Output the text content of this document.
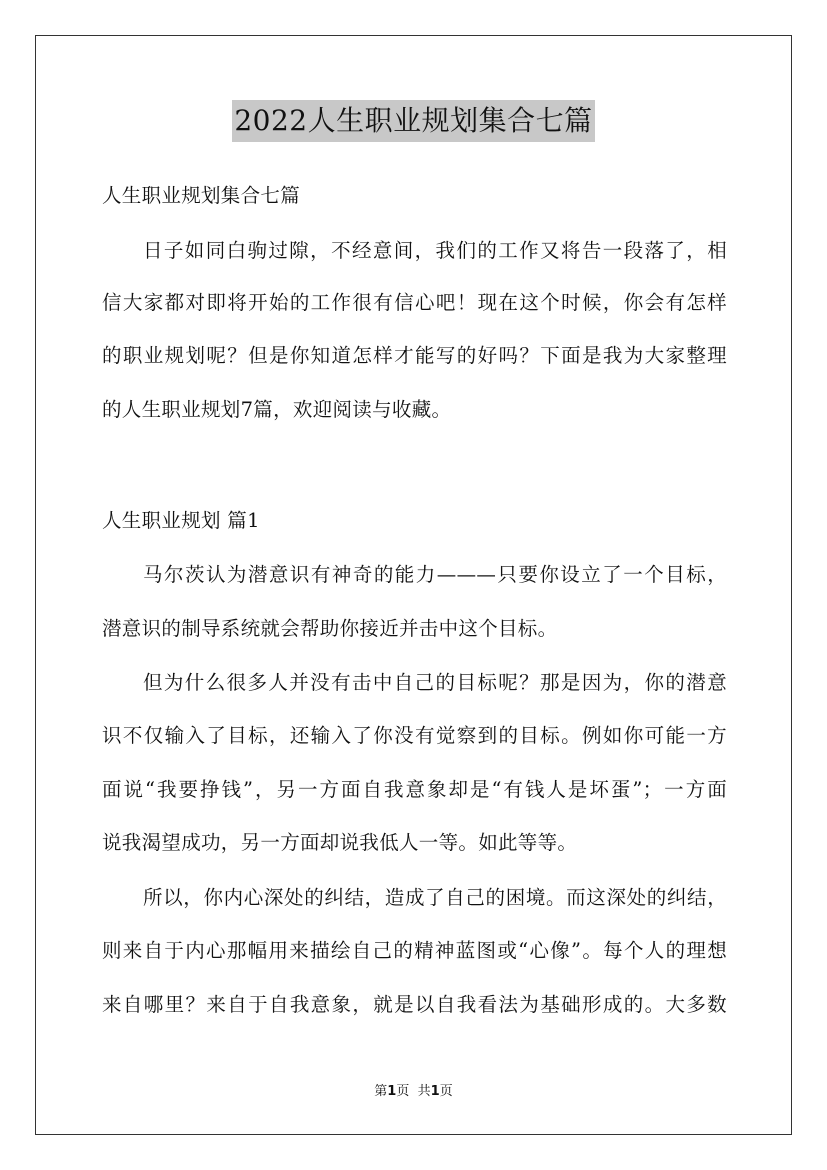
2022人生职业规划集合七篇
人生职业规划集合七篇
日子如同白驹过隙，不经意间，我们的工作又将告一段落了，相
信大家都对即将开始的工作很有信心吧！现在这个时候，你会有怎样
的职业规划呢？但是你知道怎样才能写的好吗？下面是我为大家整理
的人生职业规划7篇，欢迎阅读与收藏。
人生职业规划 篇1
马尔茨认为潜意识有神奇的能力———只要你设立了一个目标，
潜意识的制导系统就会帮助你接近并击中这个目标。
但为什么很多人并没有击中自己的目标呢？那是因为，你的潜意
识不仅输入了目标，还输入了你没有觉察到的目标。例如你可能一方
面说“我要挣钱”，另一方面自我意象却是“有钱人是坏蛋”；一方面
说我渴望成功，另一方面却说我低人一等。如此等等。
所以，你内心深处的纠结，造成了自己的困境。而这深处的纠结，
则来自于内心那幅用来描绘自己的精神蓝图或“心像”。每个人的理想
来自哪里？来自于自我意象，就是以自我看法为基础形成的。大多数
第1页 共1页
